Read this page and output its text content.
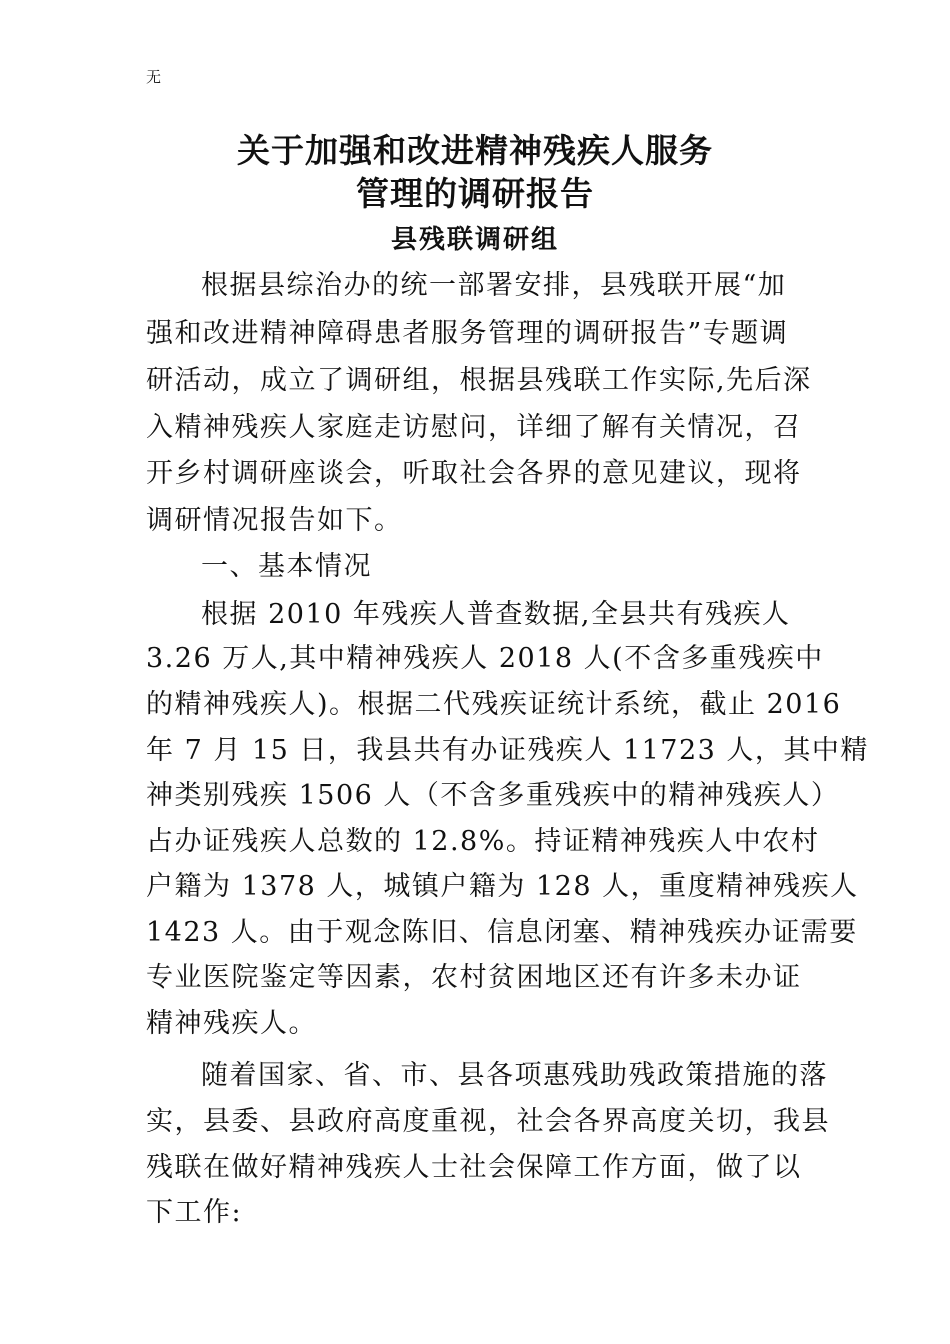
无
关于加强和改进精神残疾人服务
管理的调研报告
县残联调研组
根据县综治办的统一部署安排，县残联开展“加
强和改进精神障碍患者服务管理的调研报告”专题调
研活动，成立了调研组，根据县残联工作实际,先后深
入精神残疾人家庭走访慰问，详细了解有关情况，召
开乡村调研座谈会，听取社会各界的意见建议，现将
调研情况报告如下。
一、基本情况
根据 2010 年残疾人普查数据,全县共有残疾人
3.26 万人,其中精神残疾人 2018 人(不含多重残疾中
的精神残疾人)。根据二代残疾证统计系统，截止 2016
年 7 月 15 日，我县共有办证残疾人 11723 人，其中精
神类别残疾 1506 人（不含多重残疾中的精神残疾人）
占办证残疾人总数的 12.8%。持证精神残疾人中农村
户籍为 1378 人，城镇户籍为 128 人，重度精神残疾人
1423 人。由于观念陈旧、信息闭塞、精神残疾办证需要
专业医院鉴定等因素，农村贫困地区还有许多未办证
精神残疾人。
随着国家、省、市、县各项惠残助残政策措施的落
实，县委、县政府高度重视，社会各界高度关切，我县
残联在做好精神残疾人士社会保障工作方面，做了以
下工作:
